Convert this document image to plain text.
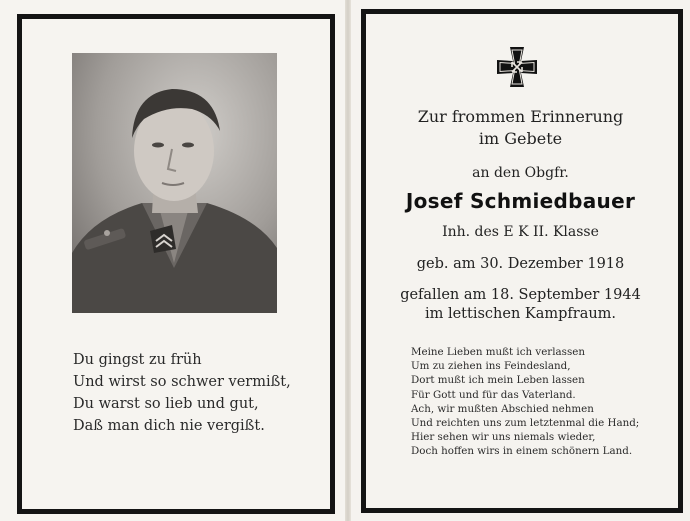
Du gingst zu früh
Und wirst so schwer vermißt,
Du warst so lieb und gut,
Daß man dich nie vergißt.
Zur frommen Erinnerung
im Gebete
an den Obgfr.
Josef Schmiedbauer
Inh. des E K II. Klasse
geb. am 30. Dezember 1918
gefallen am 18. September 1944
im lettischen Kampfraum.
Meine Lieben mußt ich verlassen
Um zu ziehen ins Feindesland,
Dort mußt ich mein Leben lassen
Für Gott und für das Vaterland.
Ach, wir mußten Abschied nehmen
Und reichten uns zum letztenmal die Hand;
Hier sehen wir uns niemals wieder,
Doch hoffen wirs in einem schönern Land.
